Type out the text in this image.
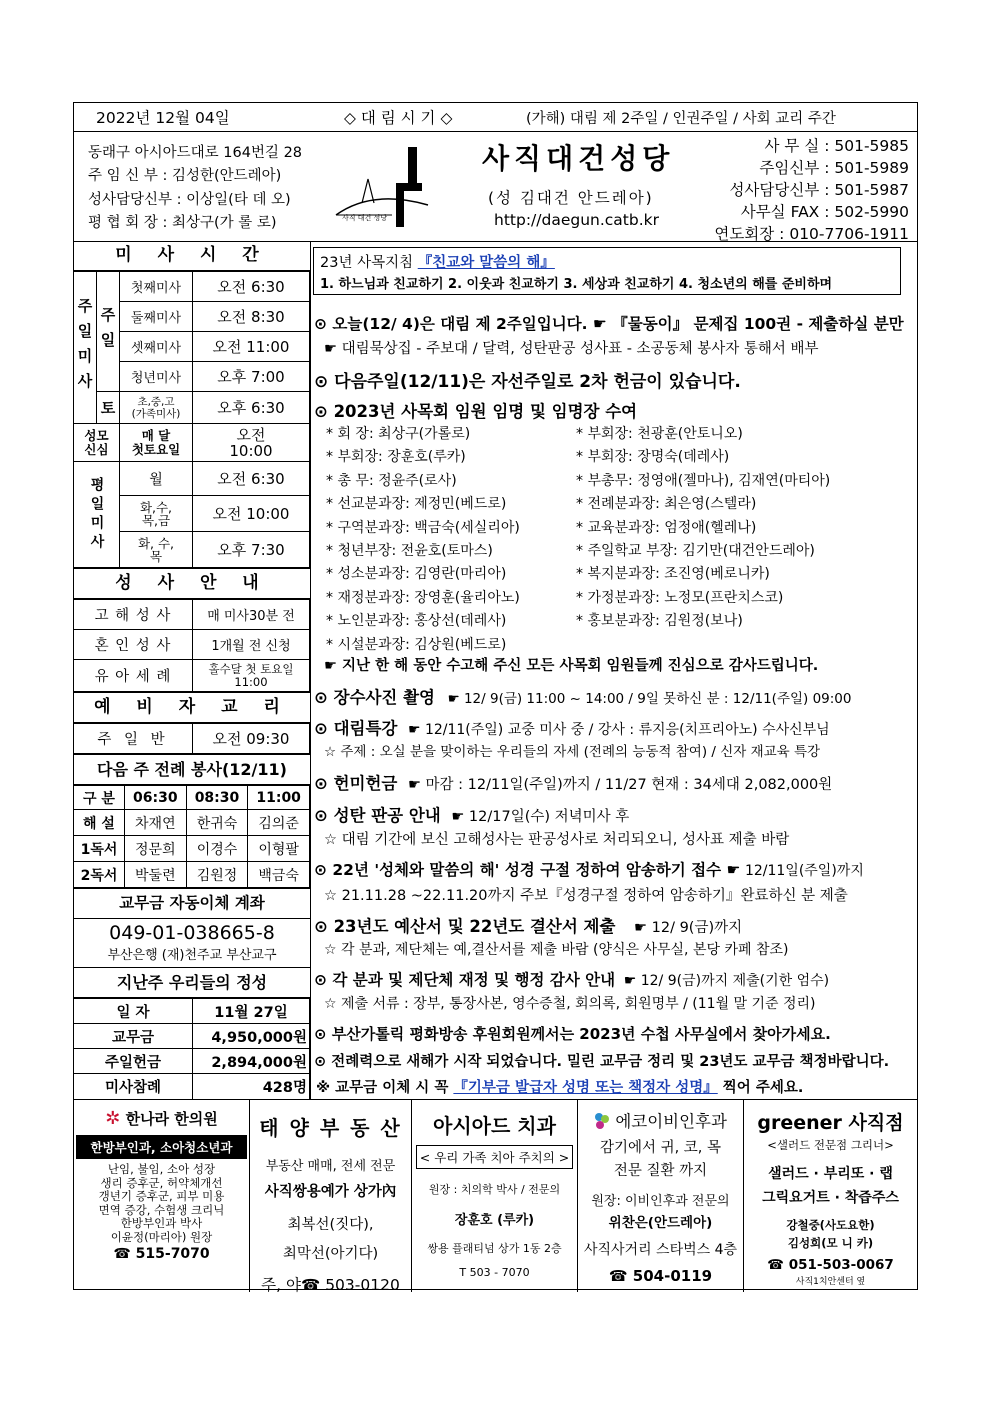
2022년 12월 04일	◇ 대 림 시 기 ◇	(가해) 대림 제 2주일 / 인권주일 / 사회 교리 주간
동래구 아시아드대로 164번길 28
주 임 신 부 : 김성한(안드레아)
성사담당신부 : 이상일(타 데 오)
평 협 회 장 : 최상구(가 롤 로)	사직 대건 성당
사직대건성당
(성 김대건 안드레아)
http://daegun.catb.kr
사 무 실 : 501-5985
주임신부 : 501-5989
성사담당신부 : 501-5987
사무실 FAX : 502-5990
연도회장 : 010-7706-1911
미 사 시 간
주일미사	주일	첫째미사	오전 6:30
		둘째미사	오전 8:30
		셋째미사	오전 11:00
		청년미사	오후 7:00
	토	초,중,고
(가족미사)	오후 6:30
성모
신심		매 달
첫토요일	오전
10:00
평일미사		월	오전 6:30
		화,수,
목,금	오전 10:00
		화, 수,
목	오후 7:30
성 사 안 내
고 해 성 사	매 미사30분 전
혼 인 성 사	1개월 전 신청
유 아 세 례	홀수달 첫 토요일
11:00
예 비 자 교 리
주 일 반	오전 09:30
다음 주 전례 봉사(12/11)
구 분	06:30	08:30	11:00
해 설	차재연	한귀숙	김의준
1독서	정문희	이경수	이형팔
2독서	박둘련	김원정	백금숙
교무금 자동이체 계좌
049-01-038665-8
부산은행 (재)천주교 부산교구
지난주 우리들의 정성
일 자	11월 27일
교무금	4,950,000원
주일헌금	2,894,000원
미사참례	428명
23년 사목지침 『친교와 말씀의 해』
1. 하느님과 친교하기 2. 이웃과 친교하기 3. 세상과 친교하기 4. 청소년의 해를 준비하며
⊙ 오늘(12/ 4)은 대림 제 2주일입니다. ☛ 『물동이』 문제집 100권 - 제출하실 분만
☛ 대림묵상집 - 주보대 / 달력, 성탄판공 성사표 - 소공동체 봉사자 통해서 배부
⊙ 다음주일(12/11)은 자선주일로 2차 헌금이 있습니다.
⊙ 2023년 사목회 임원 임명 및 임명장 수여
* 회 장: 최상구(가롤로)
* 부회장: 장훈호(루카)
* 총 무: 정윤주(로사)
* 선교분과장: 제정민(베드로)
* 구역분과장: 백금숙(세실리아)
* 청년부장: 전윤호(토마스)
* 성소분과장: 김영란(마리아)
* 재정분과장: 장영훈(율리아노)
* 노인분과장: 홍상선(데레사)
* 시설분과장: 김상원(베드로)
* 부회장: 천광훈(안토니오)
* 부회장: 장명숙(데레사)
* 부총무: 정영애(젤마나), 김재연(마티아)
* 전례분과장: 최은영(스텔라)
* 교육분과장: 엄정애(헬레나)
* 주일학교 부장: 김기만(대건안드레아)
* 복지분과장: 조진영(베로니카)
* 가정분과장: 노정모(프란치스코)
* 홍보분과장: 김원정(보나)
☛ 지난 한 해 동안 수고해 주신 모든 사목회 임원들께 진심으로 감사드립니다.
⊙ 장수사진 촬영 ☛ 12/ 9(금) 11:00 ~ 14:00 / 9일 못하신 분 : 12/11(주일) 09:00
⊙ 대림특강 ☛ 12/11(주일) 교중 미사 중 / 강사 : 류지응(치프리아노) 수사신부님
☆ 주제 : 오실 분을 맞이하는 우리들의 자세 (전례의 능동적 참여) / 신자 재교육 특강
⊙ 헌미헌금 ☛ 마감 : 12/11일(주일)까지 / 11/27 현재 : 34세대 2,082,000원
⊙ 성탄 판공 안내 ☛ 12/17일(수) 저녁미사 후
☆ 대림 기간에 보신 고해성사는 판공성사로 처리되오니, 성사표 제출 바람
⊙ 22년 '성체와 말씀의 해' 성경 구절 정하여 암송하기 접수 ☛ 12/11일(주일)까지
☆ 21.11.28 ~22.11.20까지 주보『성경구절 정하여 암송하기』완료하신 분 제출
⊙ 23년도 예산서 및 22년도 결산서 제출 ☛ 12/ 9(금)까지
☆ 각 분과, 제단체는 예,결산서를 제출 바람 (양식은 사무실, 본당 카페 참조)
⊙ 각 분과 및 제단체 재정 및 행정 감사 안내 ☛ 12/ 9(금)까지 제출(기한 엄수)
☆ 제출 서류 : 장부, 통장사본, 영수증철, 회의록, 회원명부 / (11월 말 기준 정리)
⊙ 부산가톨릭 평화방송 후원회원께서는 2023년 수첩 사무실에서 찾아가세요.
⊙ 전례력으로 새해가 시작 되었습니다. 밀린 교무금 정리 및 23년도 교무금 책정바랍니다.
※ 교무금 이체 시 꼭 『기부금 발급자 성명 또는 책정자 성명』 찍어 주세요.
✲ 한나라 한의원
한방부인과, 소아청소년과
난임, 불임, 소아 성장
생리 증후군, 허약체개선
갱년기 증후군, 피부 미용
면역 증강, 수험생 크리닉
한방부인과 박사
이윤정(마리아) 원장
☎ 515-7070
태 양 부 동 산
부동산 매매, 전세 전문
사직쌍용예가 상가內
최복선(짓다),
최막선(아기다)
주, 야☎ 503-0120
아시아드 치과
< 우리 가족 치아 주치의 >
원장 : 치의학 박사 / 전문의
장훈호 (루카)
쌍용 플래티넘 상가 1동 2층
T 503 - 7070
에코이비인후과
감기에서 귀, 코, 목
전문 질환 까지
원장: 이비인후과 전문의
위찬은(안드레아)
사직사거리 스타벅스 4층
☎ 504-0119
greener 사직점
<샐러드 전문점 그리너>
샐러드 · 부리또 · 랩
그릭요거트 · 착즙주스
강철중(사도요한)
김성희(모 니 카)
☎ 051-503-0067
사직1치안센터 옆
